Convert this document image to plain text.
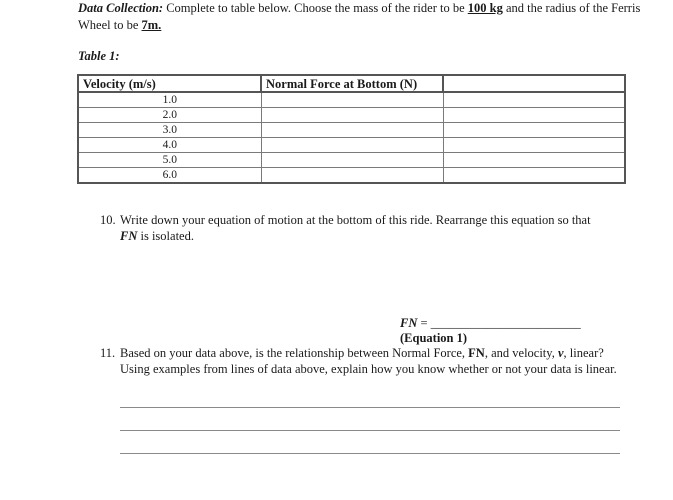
Data Collection: Complete to table below. Choose the mass of the rider to be 100 kg and the radius of the Ferris Wheel to be 7m.
Table 1:
Velocity (m/s)	Normal Force at Bottom (N)	
1.0		
2.0		
3.0		
4.0		
5.0		
6.0		
10. Write down your equation of motion at the bottom of this ride. Rearrange this equation so that
FN is isolated.
FN = ________________________ (Equation 1)
11. Based on your data above, is the relationship between Normal Force, FN, and velocity, v, linear? Using examples from lines of data above, explain how you know whether or not your data is linear.
